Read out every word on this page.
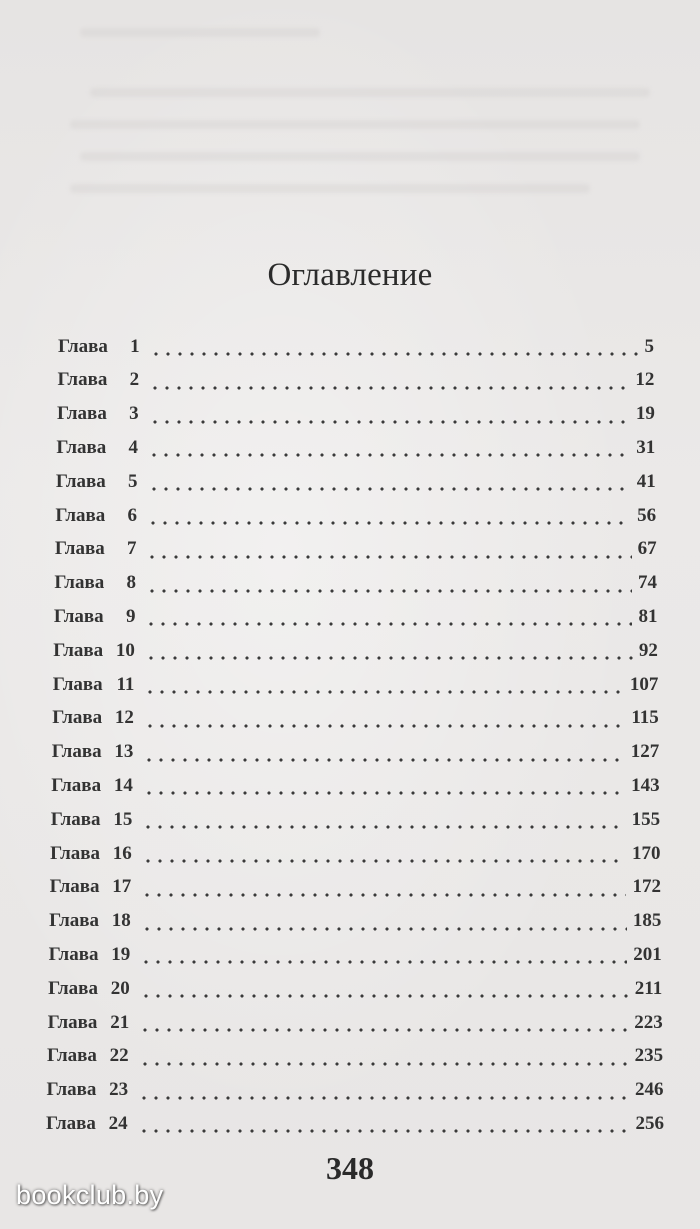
Оглавление
Глава 1	5
Глава 2	12
Глава 3	19
Глава 4	31
Глава 5	41
Глава 6	56
Глава 7	67
Глава 8	74
Глава 9	81
Глава 10	92
Глава 11	107
Глава 12	115
Глава 13	127
Глава 14	143
Глава 15	155
Глава 16	170
Глава 17	172
Глава 18	185
Глава 19	201
Глава 20	211
Глава 21	223
Глава 22	235
Глава 23	246
Глава 24	256
348
bookclub.by
